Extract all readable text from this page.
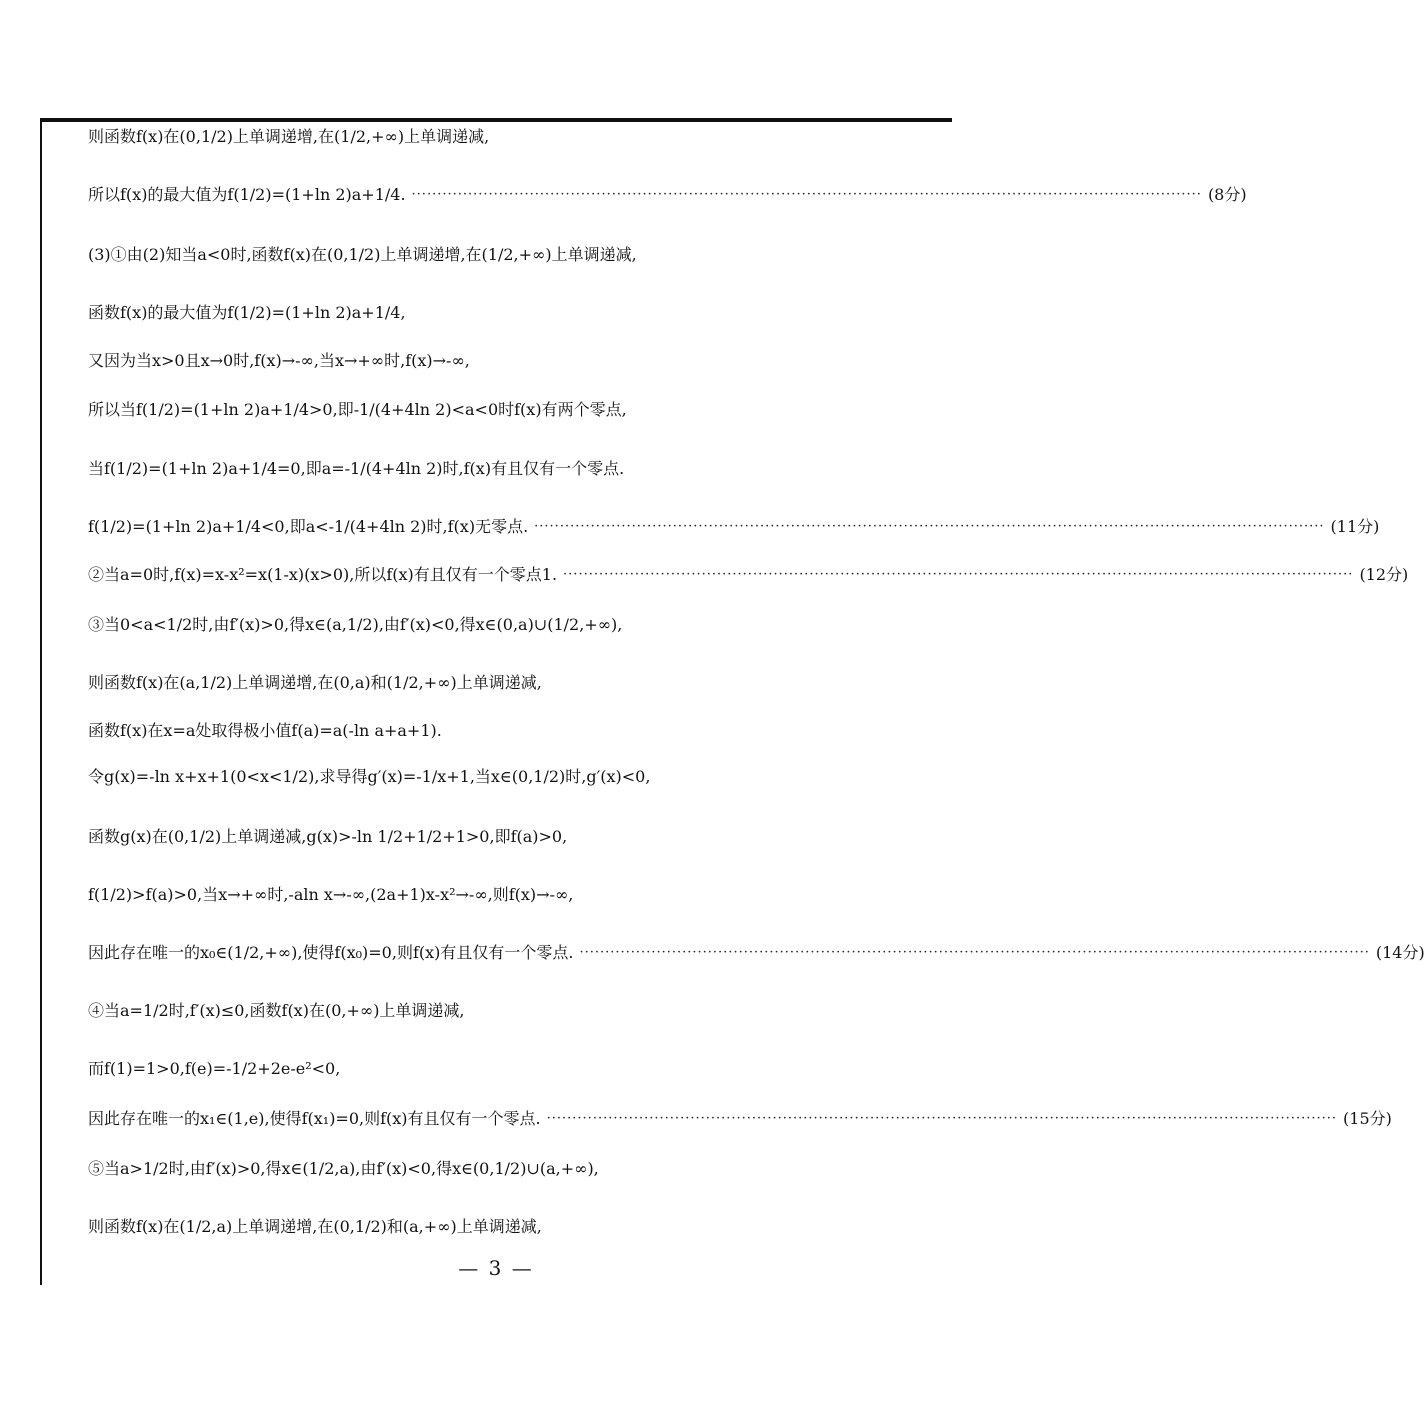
则函数f(x)在(0,1/2)上单调递增,在(1/2,+∞)上单调递减,
所以f(x)的最大值为f(1/2)=(1+ln 2)a+1/4. ·····	(8分)
(3)①由(2)知当a<0时,函数f(x)在(0,1/2)上单调递增,在(1/2,+∞)上单调递减,
函数f(x)的最大值为f(1/2)=(1+ln 2)a+1/4,
又因为当x>0且x→0时,f(x)→-∞,当x→+∞时,f(x)→-∞,
所以当f(1/2)=(1+ln 2)a+1/4>0,即-1/(4+4ln 2)<a<0时f(x)有两个零点,
当f(1/2)=(1+ln 2)a+1/4=0,即a=-1/(4+4ln 2)时,f(x)有且仅有一个零点.
f(1/2)=(1+ln 2)a+1/4<0,即a<-1/(4+4ln 2)时,f(x)无零点. ·····	(11分)
②当a=0时,f(x)=x-x²=x(1-x)(x>0),所以f(x)有且仅有一个零点1. ·····	(12分)
③当0<a<1/2时,由f′(x)>0,得x∈(a,1/2),由f′(x)<0,得x∈(0,a)∪(1/2,+∞),
则函数f(x)在(a,1/2)上单调递增,在(0,a)和(1/2,+∞)上单调递减,
函数f(x)在x=a处取得极小值f(a)=a(-ln a+a+1).
令g(x)=-ln x+x+1(0<x<1/2),求导得g′(x)=-1/x+1,当x∈(0,1/2)时,g′(x)<0,
函数g(x)在(0,1/2)上单调递减,g(x)>-ln 1/2+1/2+1>0,即f(a)>0,
f(1/2)>f(a)>0,当x→+∞时,-aln x→-∞,(2a+1)x-x²→-∞,则f(x)→-∞,
因此存在唯一的x₀∈(1/2,+∞),使得f(x₀)=0,则f(x)有且仅有一个零点. ·····	(14分)
④当a=1/2时,f′(x)≤0,函数f(x)在(0,+∞)上单调递减,
而f(1)=1>0,f(e)=-1/2+2e-e²<0,
因此存在唯一的x₁∈(1,e),使得f(x₁)=0,则f(x)有且仅有一个零点. ·····	(15分)
⑤当a>1/2时,由f′(x)>0,得x∈(1/2,a),由f′(x)<0,得x∈(0,1/2)∪(a,+∞),
则函数f(x)在(1/2,a)上单调递增,在(0,1/2)和(a,+∞)上单调递减,
— 3 —
